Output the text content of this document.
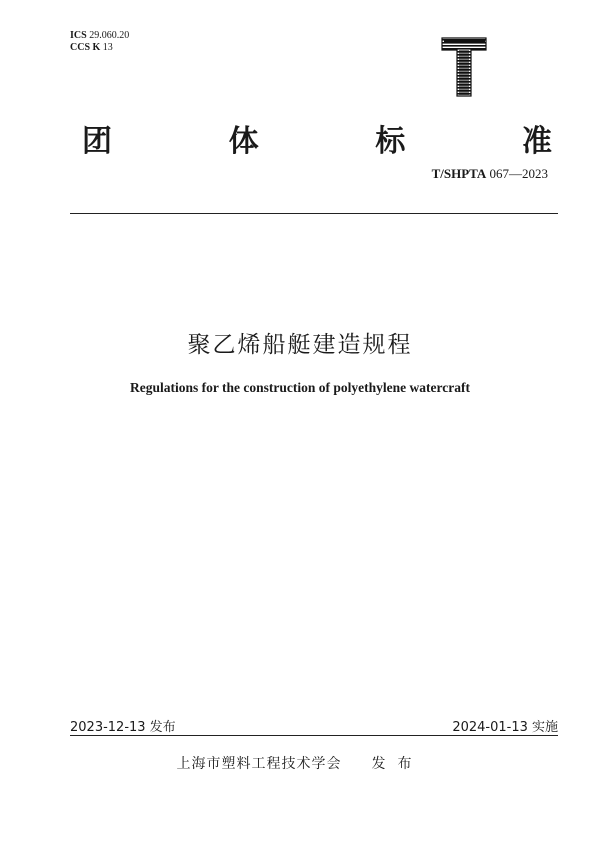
ICS 29.060.20
CCS K 13
团	体	标	准
T/SHPTA 067—2023
聚乙烯船艇建造规程
Regulations for the construction of polyethylene watercraft
2023-12-13 发布	2024-01-13 实施
上海市塑料工程技术学会 发布
